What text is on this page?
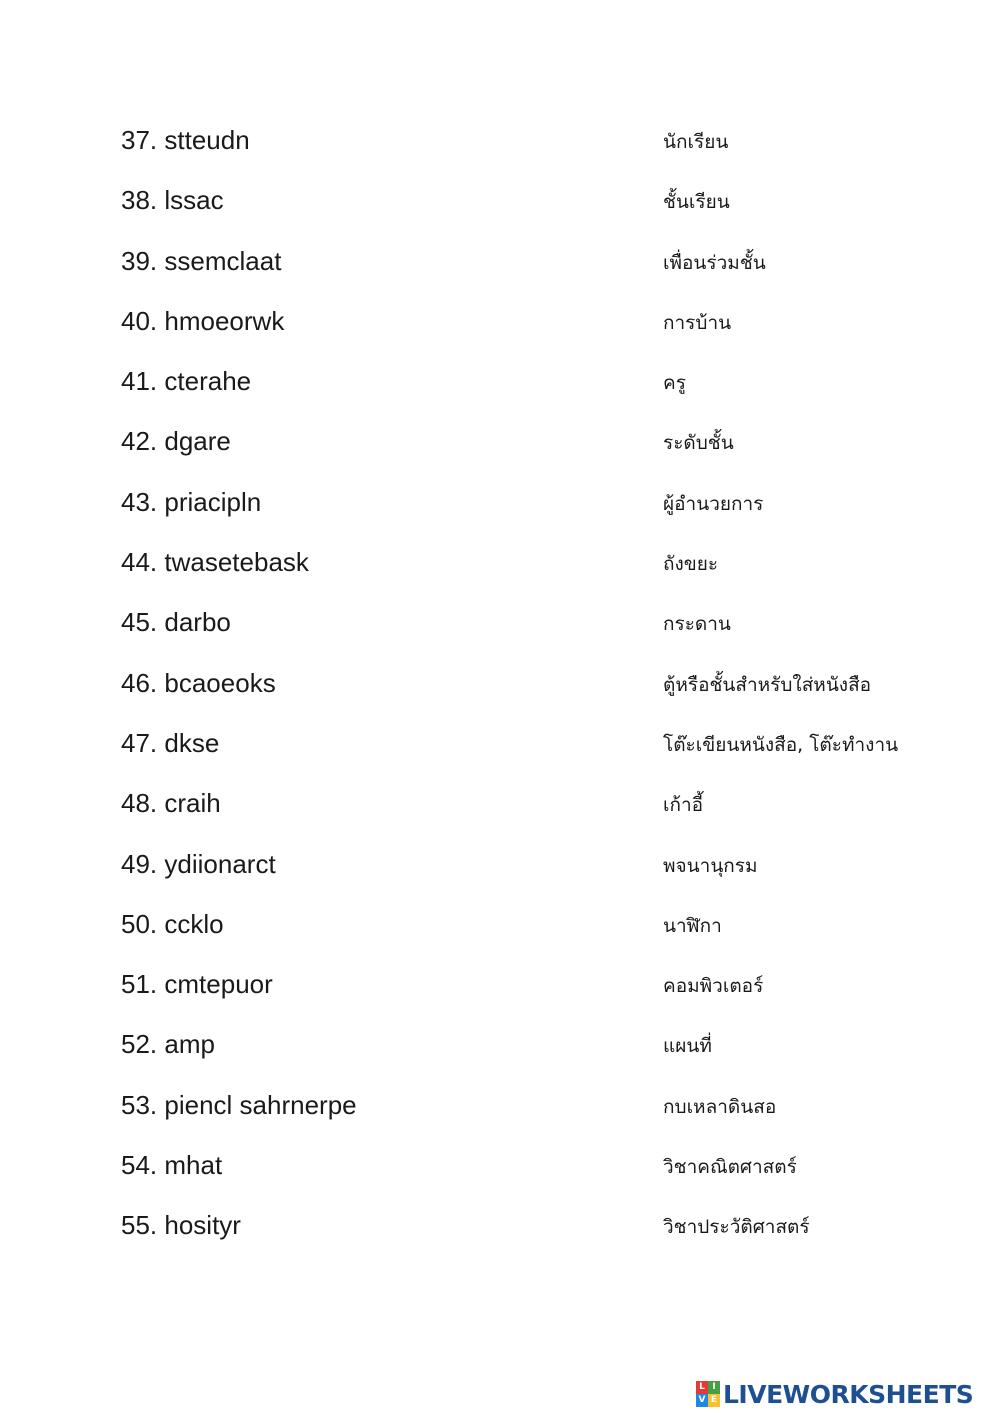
37. stteudn	นักเรียน
38. lssac	ชั้นเรียน
39. ssemclaat	เพื่อนร่วมชั้น
40. hmoeorwk	การบ้าน
41. cterahe	ครู
42. dgare	ระดับชั้น
43. priacipln	ผู้อำนวยการ
44. twasetebask	ถังขยะ
45. darbo	กระดาน
46. bcaoeoks	ตู้หรือชั้นสำหรับใส่หนังสือ
47. dkse	โต๊ะเขียนหนังสือ, โต๊ะทำงาน
48. craih	เก้าอี้
49. ydiionarct	พจนานุกรม
50. ccklo	นาฬิกา
51. cmtepuor	คอมพิวเตอร์
52. amp	แผนที่
53. piencl sahrnerpe	กบเหลาดินสอ
54. mhat	วิชาคณิตศาสตร์
55. hosityr	วิชาประวัติศาสตร์
L I
V E LIVEWORKSHEETS
